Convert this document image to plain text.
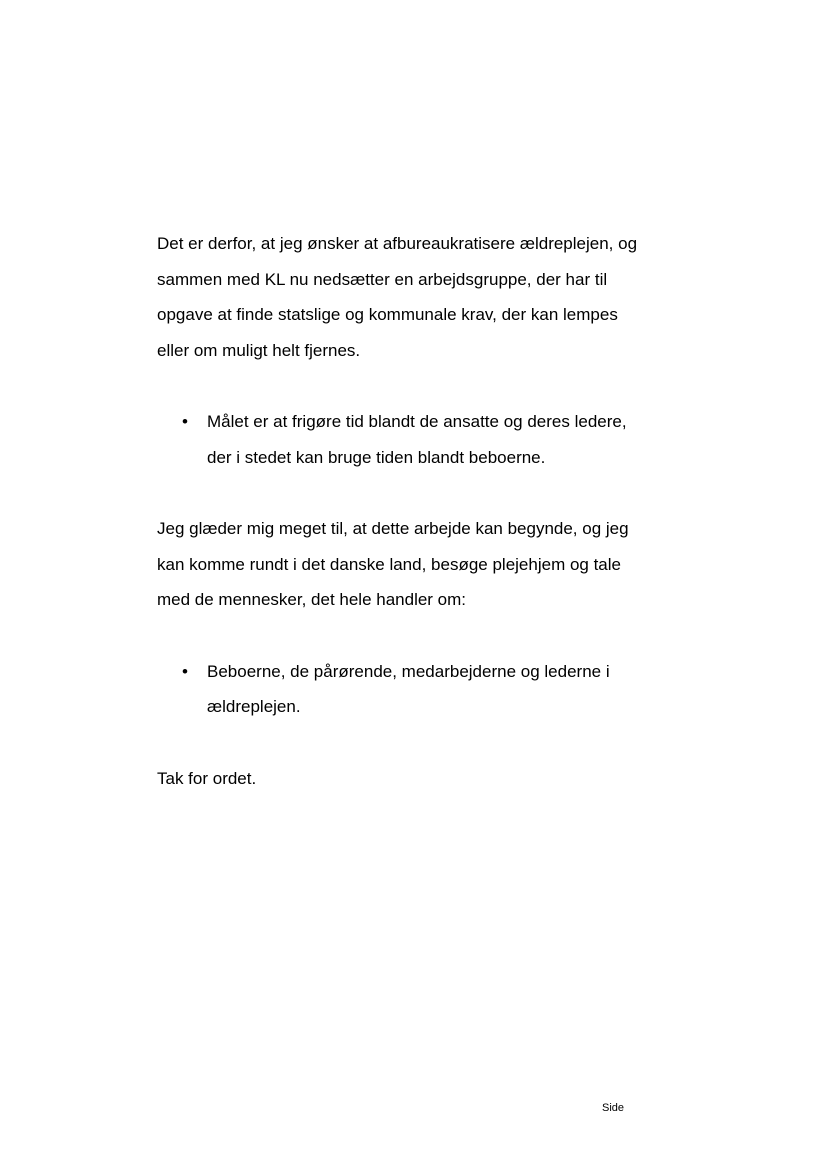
Det er derfor, at jeg ønsker at afbureaukratisere ældreplejen, og
sammen med KL nu nedsætter en arbejdsgruppe, der har til
opgave at finde statslige og kommunale krav, der kan lempes
eller om muligt helt fjernes.

• Målet er at frigøre tid blandt de ansatte og deres ledere,
der i stedet kan bruge tiden blandt beboerne.

Jeg glæder mig meget til, at dette arbejde kan begynde, og jeg
kan komme rundt i det danske land, besøge plejehjem og tale
med de mennesker, det hele handler om:

• Beboerne, de pårørende, medarbejderne og lederne i
ældreplejen.

Tak for ordet.

Side
